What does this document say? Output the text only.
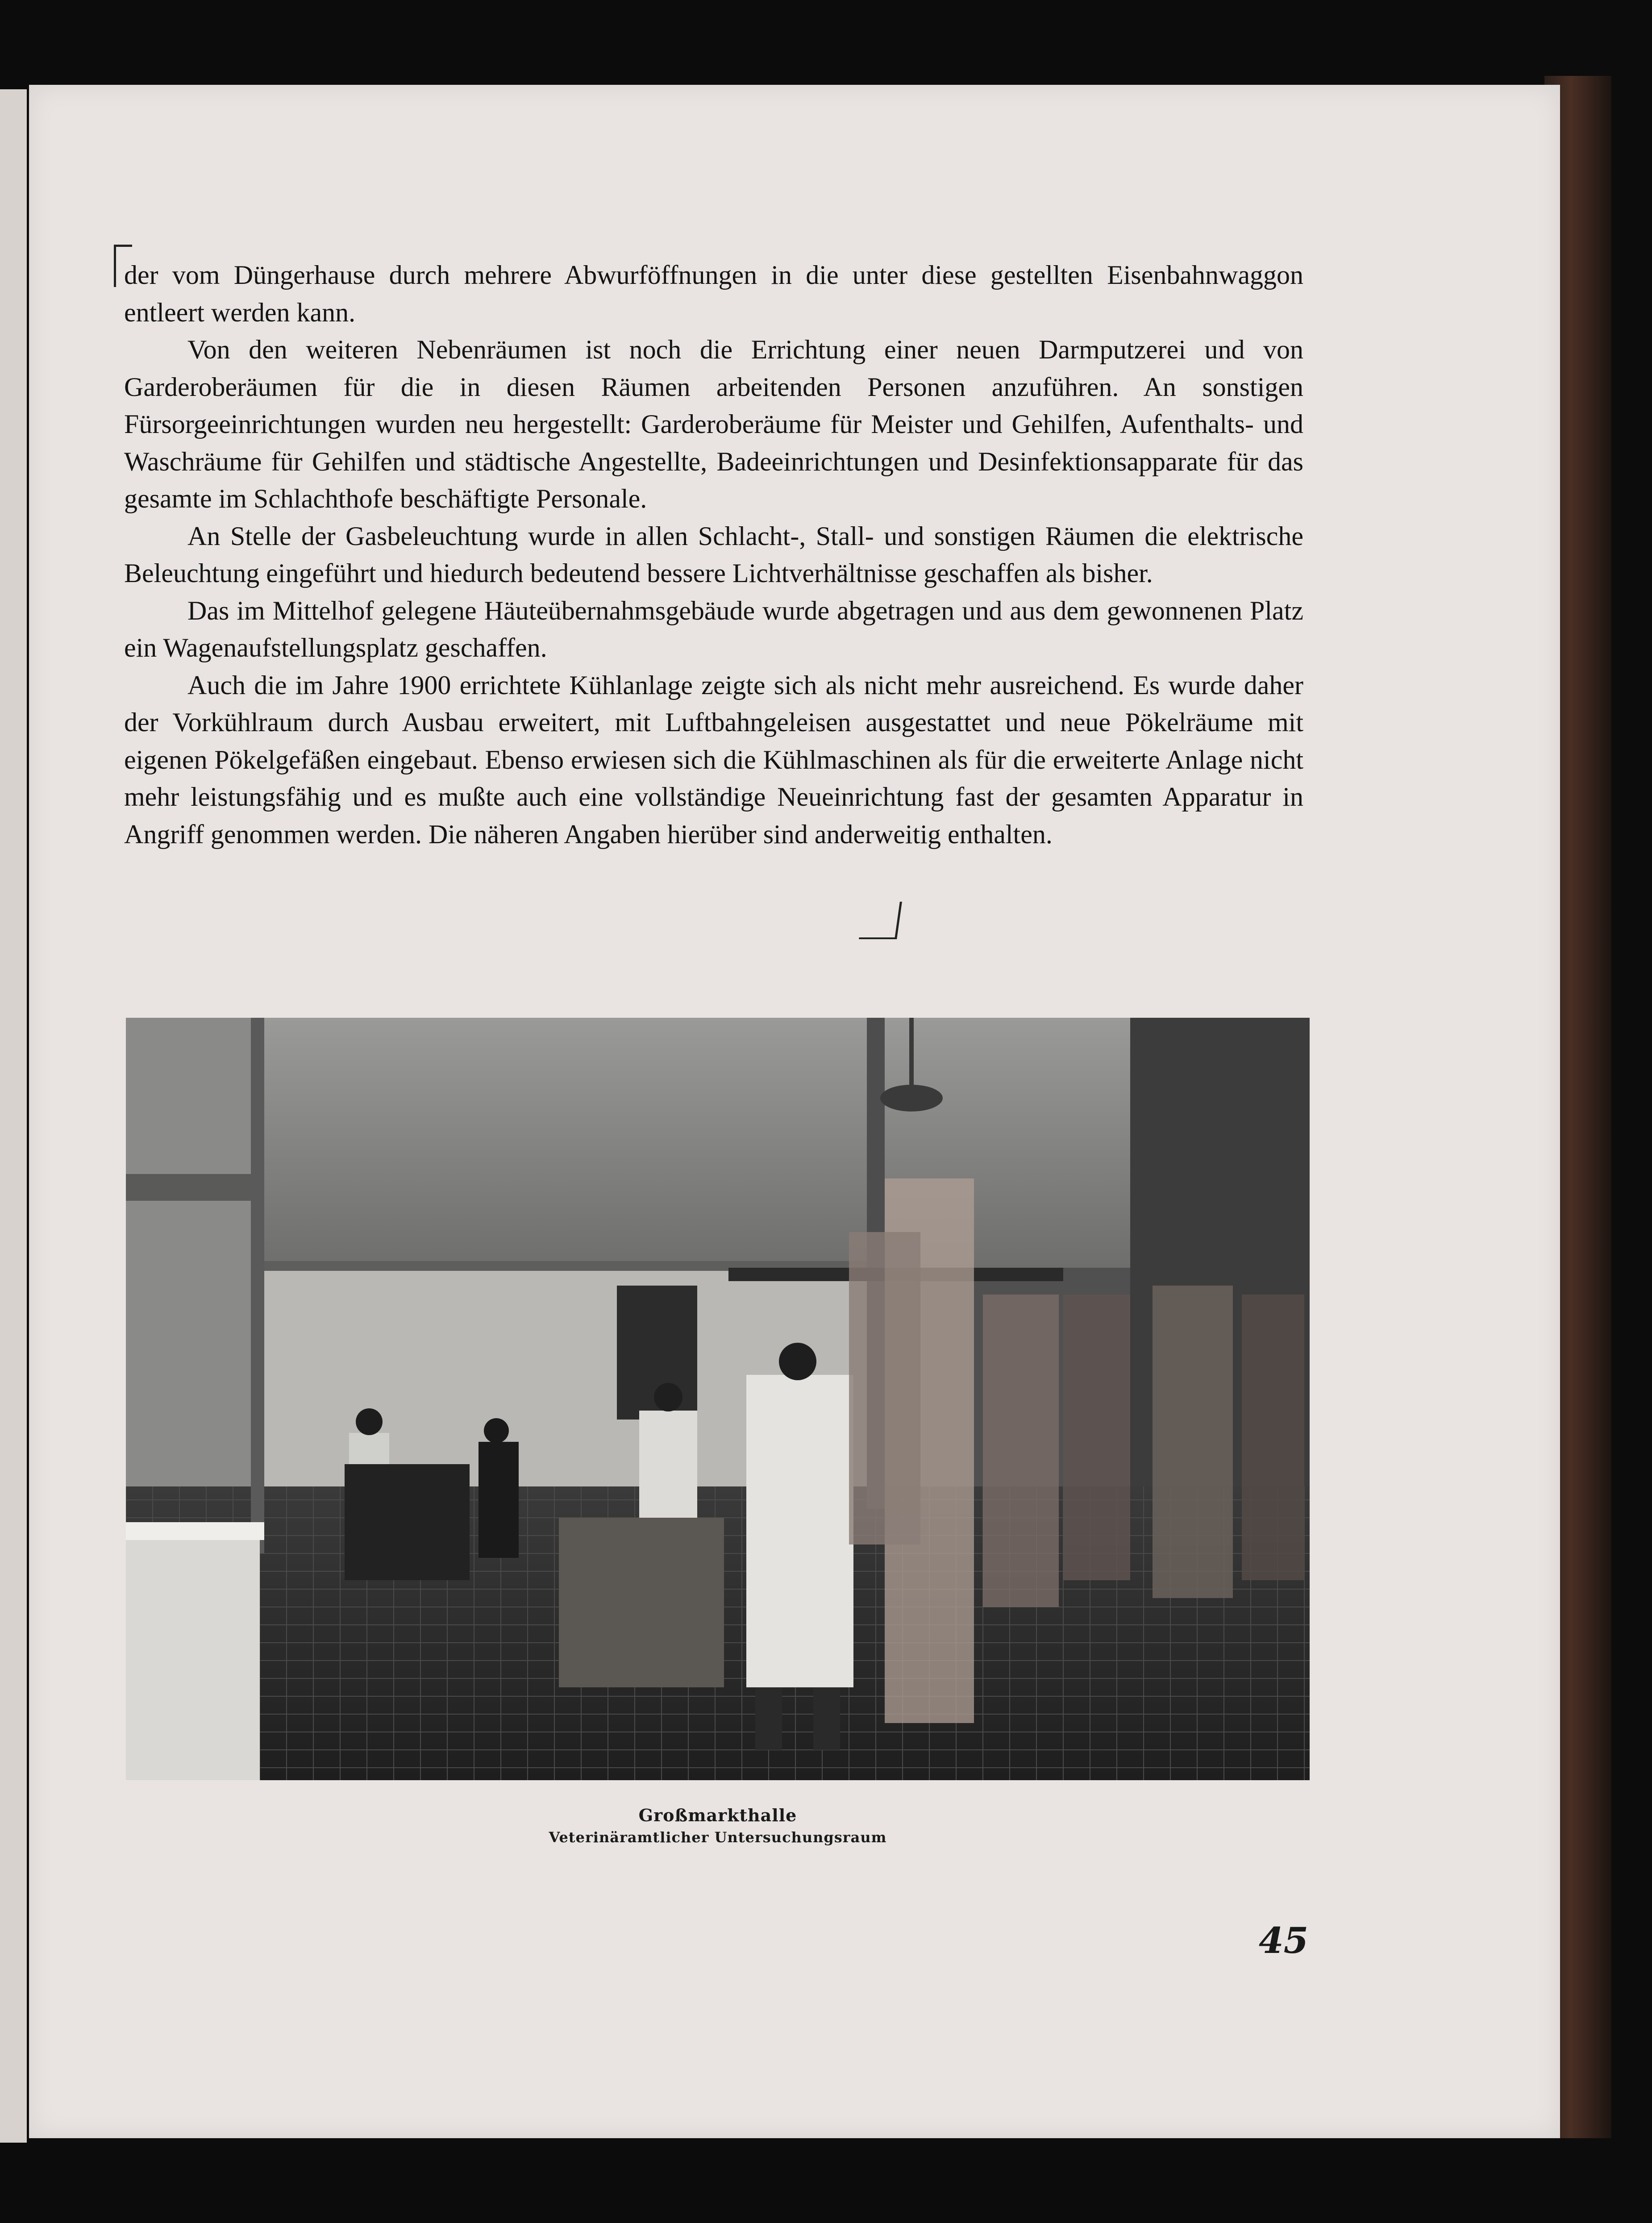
der vom Düngerhause durch mehrere Abwurföffnungen in die unter diese gestellten Eisenbahnwaggon entleert werden kann.

Von den weiteren Nebenräumen ist noch die Errichtung einer neuen Darmputzerei und von Garderoberäumen für die in diesen Räumen arbeitenden Personen anzuführen. An sonstigen Fürsorgeeinrichtungen wurden neu hergestellt: Garderoberäume für Meister und Gehilfen, Aufenthalts- und Waschräume für Gehilfen und städtische Angestellte, Badeeinrichtungen und Desinfektionsapparate für das gesamte im Schlachthofe beschäftigte Personale.

An Stelle der Gasbeleuchtung wurde in allen Schlacht-, Stall- und sonstigen Räumen die elektrische Beleuchtung eingeführt und hiedurch bedeutend bessere Lichtverhältnisse geschaffen als bisher.

Das im Mittelhof gelegene Häuteübernahmsgebäude wurde abgetragen und aus dem gewonnenen Platz ein Wagenaufstellungsplatz geschaffen.

Auch die im Jahre 1900 errichtete Kühlanlage zeigte sich als nicht mehr ausreichend. Es wurde daher der Vorkühlraum durch Ausbau erweitert, mit Luftbahngeleisen ausgestattet und neue Pökelräume mit eigenen Pökelgefäßen eingebaut. Ebenso erwiesen sich die Kühlmaschinen als für die erweiterte Anlage nicht mehr leistungsfähig und es mußte auch eine vollständige Neueinrichtung fast der gesamten Apparatur in Angriff genommen werden. Die näheren Angaben hierüber sind anderweitig enthalten.

Großmarkthalle
Veterinäramtlicher Untersuchungsraum
45
